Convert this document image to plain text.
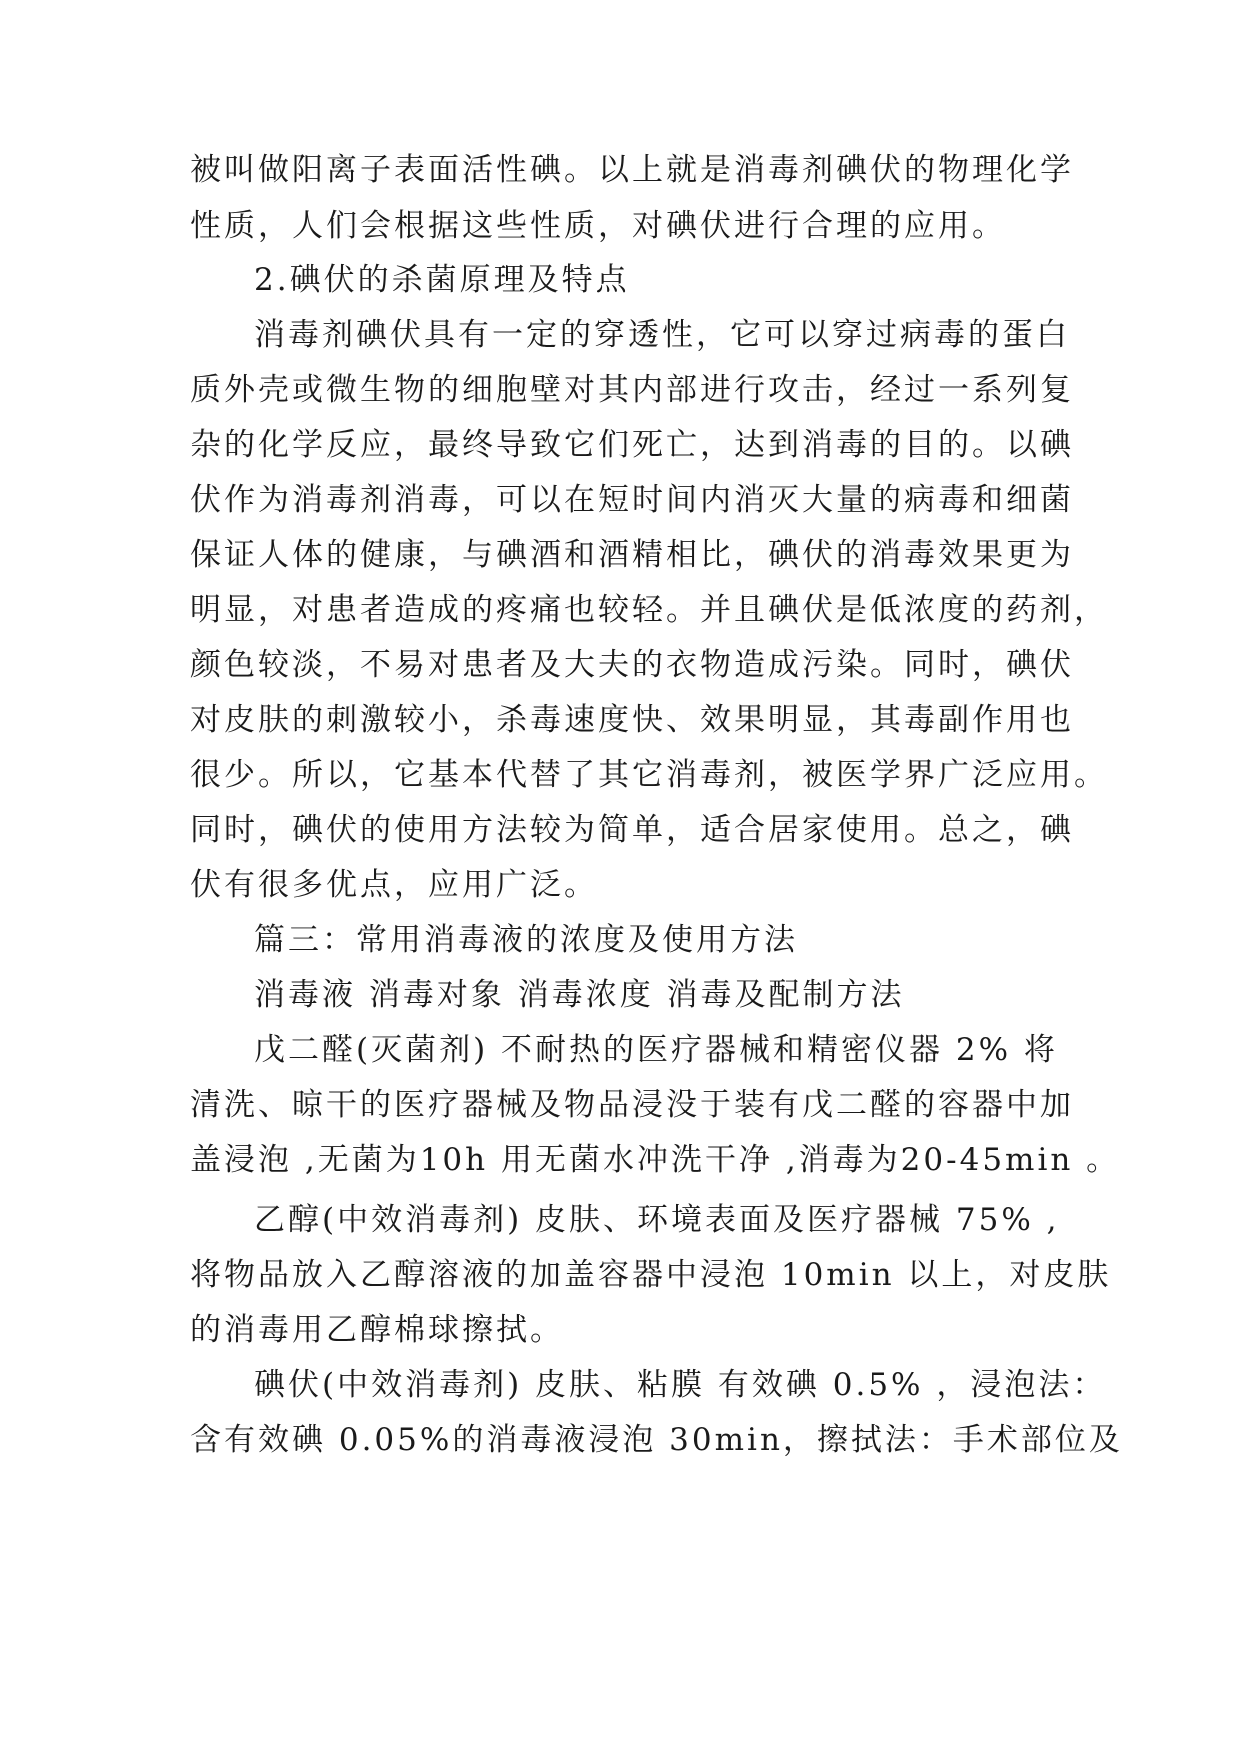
被叫做阳离子表面活性碘。以上就是消毒剂碘伏的物理化学
性质，人们会根据这些性质，对碘伏进行合理的应用。
2.碘伏的杀菌原理及特点
消毒剂碘伏具有一定的穿透性，它可以穿过病毒的蛋白
质外壳或微生物的细胞壁对其内部进行攻击，经过一系列复
杂的化学反应，最终导致它们死亡，达到消毒的目的。以碘
伏作为消毒剂消毒，可以在短时间内消灭大量的病毒和细菌
保证人体的健康，与碘酒和酒精相比，碘伏的消毒效果更为
明显，对患者造成的疼痛也较轻。并且碘伏是低浓度的药剂，
颜色较淡，不易对患者及大夫的衣物造成污染。同时，碘伏
对皮肤的刺激较小，杀毒速度快、效果明显，其毒副作用也
很少。所以，它基本代替了其它消毒剂，被医学界广泛应用。
同时，碘伏的使用方法较为简单，适合居家使用。总之，碘
伏有很多优点，应用广泛。
篇三：常用消毒液的浓度及使用方法
消毒液 消毒对象 消毒浓度 消毒及配制方法
戊二醛(灭菌剂) 不耐热的医疗器械和精密仪器 2% 将
清洗、晾干的医疗器械及物品浸没于装有戊二醛的容器中加
盖浸泡 ,无菌为10h 用无菌水冲洗干净 ,消毒为20-45min 。
乙醇(中效消毒剂) 皮肤、环境表面及医疗器械 75% ,
将物品放入乙醇溶液的加盖容器中浸泡 10min 以上，对皮肤
的消毒用乙醇棉球擦拭。
碘伏(中效消毒剂) 皮肤、粘膜 有效碘 0.5% ，浸泡法：
含有效碘 0.05%的消毒液浸泡 30min，擦拭法：手术部位及
